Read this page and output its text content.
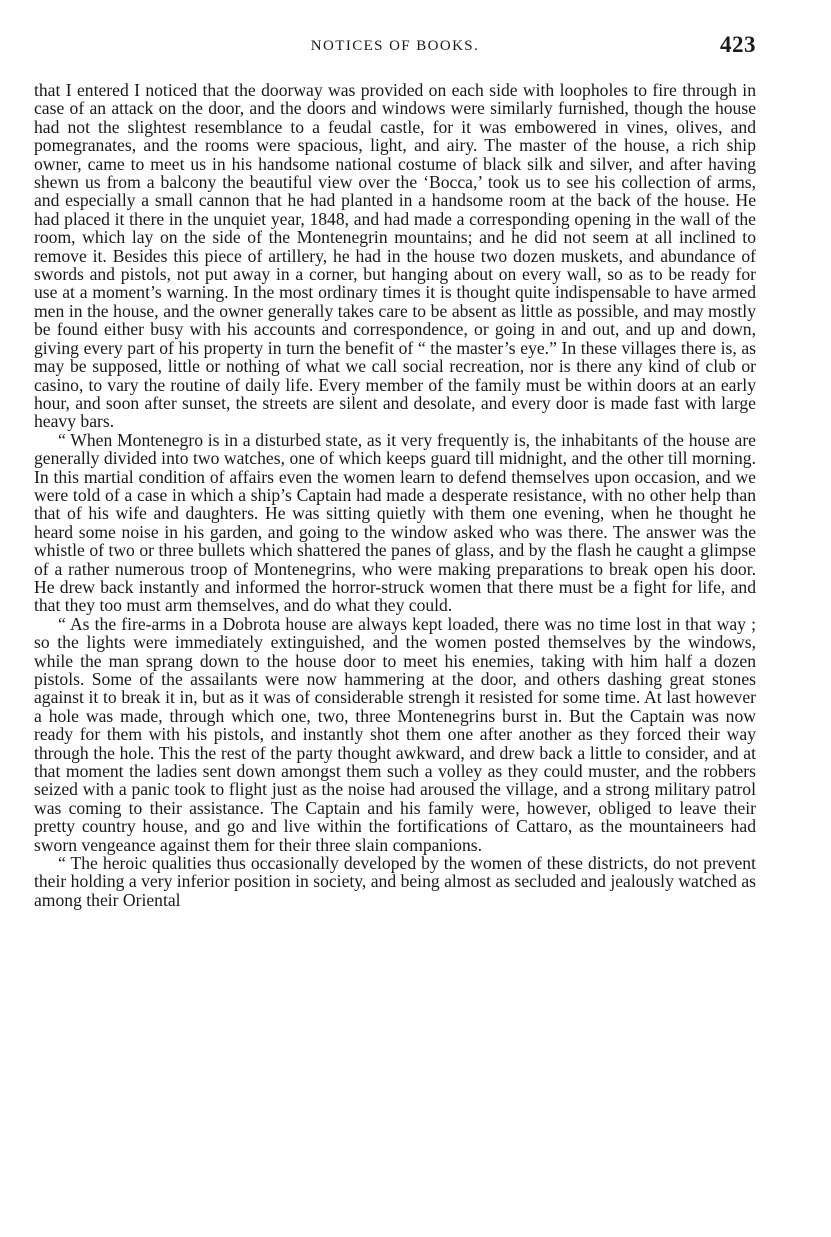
NOTICES OF BOOKS.	423

that I entered I noticed that the doorway was provided on each side with loopholes to fire through in case of an attack on the door, and the doors and windows were similarly furnished, though the house had not the slightest resemblance to a feudal castle, for it was embowered in vines, olives, and pomegranates, and the rooms were spacious, light, and airy. The master of the house, a rich ship owner, came to meet us in his handsome national costume of black silk and silver, and after having shewn us from a balcony the beautiful view over the ‘Bocca,’ took us to see his collection of arms, and especially a small cannon that he had planted in a handsome room at the back of the house. He had placed it there in the unquiet year, 1848, and had made a corresponding opening in the wall of the room, which lay on the side of the Montenegrin mountains; and he did not seem at all inclined to remove it. Besides this piece of artillery, he had in the house two dozen muskets, and abundance of swords and pistols, not put away in a corner, but hanging about on every wall, so as to be ready for use at a moment’s warning. In the most ordinary times it is thought quite indispensable to have armed men in the house, and the owner generally takes care to be absent as little as possible, and may mostly be found either busy with his accounts and correspondence, or going in and out, and up and down, giving every part of his property in turn the benefit of “ the master’s eye.” In these villages there is, as may be supposed, little or nothing of what we call social recreation, nor is there any kind of club or casino, to vary the routine of daily life. Every member of the family must be within doors at an early hour, and soon after sunset, the streets are silent and desolate, and every door is made fast with large heavy bars.

“ When Montenegro is in a disturbed state, as it very frequently is, the inhabitants of the house are generally divided into two watches, one of which keeps guard till midnight, and the other till morning. In this martial condition of affairs even the women learn to defend themselves upon occasion, and we were told of a case in which a ship’s Captain had made a desperate resistance, with no other help than that of his wife and daughters. He was sitting quietly with them one evening, when he thought he heard some noise in his garden, and going to the window asked who was there. The answer was the whistle of two or three bullets which shattered the panes of glass, and by the flash he caught a glimpse of a rather numerous troop of Montenegrins, who were making preparations to break open his door. He drew back instantly and informed the horror-struck women that there must be a fight for life, and that they too must arm themselves, and do what they could.

“ As the fire-arms in a Dobrota house are always kept loaded, there was no time lost in that way ; so the lights were immediately extinguished, and the women posted themselves by the windows, while the man sprang down to the house door to meet his enemies, taking with him half a dozen pistols. Some of the assailants were now hammering at the door, and others dashing great stones against it to break it in, but as it was of considerable strengh it resisted for some time. At last however a hole was made, through which one, two, three Montenegrins burst in. But the Captain was now ready for them with his pistols, and instantly shot them one after another as they forced their way through the hole. This the rest of the party thought awkward, and drew back a little to consider, and at that moment the ladies sent down amongst them such a volley as they could muster, and the robbers seized with a panic took to flight just as the noise had aroused the village, and a strong military patrol was coming to their assistance. The Captain and his family were, however, obliged to leave their pretty country house, and go and live within the fortifications of Cattaro, as the mountaineers had sworn vengeance against them for their three slain companions.

“ The heroic qualities thus occasionally developed by the women of these districts, do not prevent their holding a very inferior position in society, and being almost as secluded and jealously watched as among their Oriental
